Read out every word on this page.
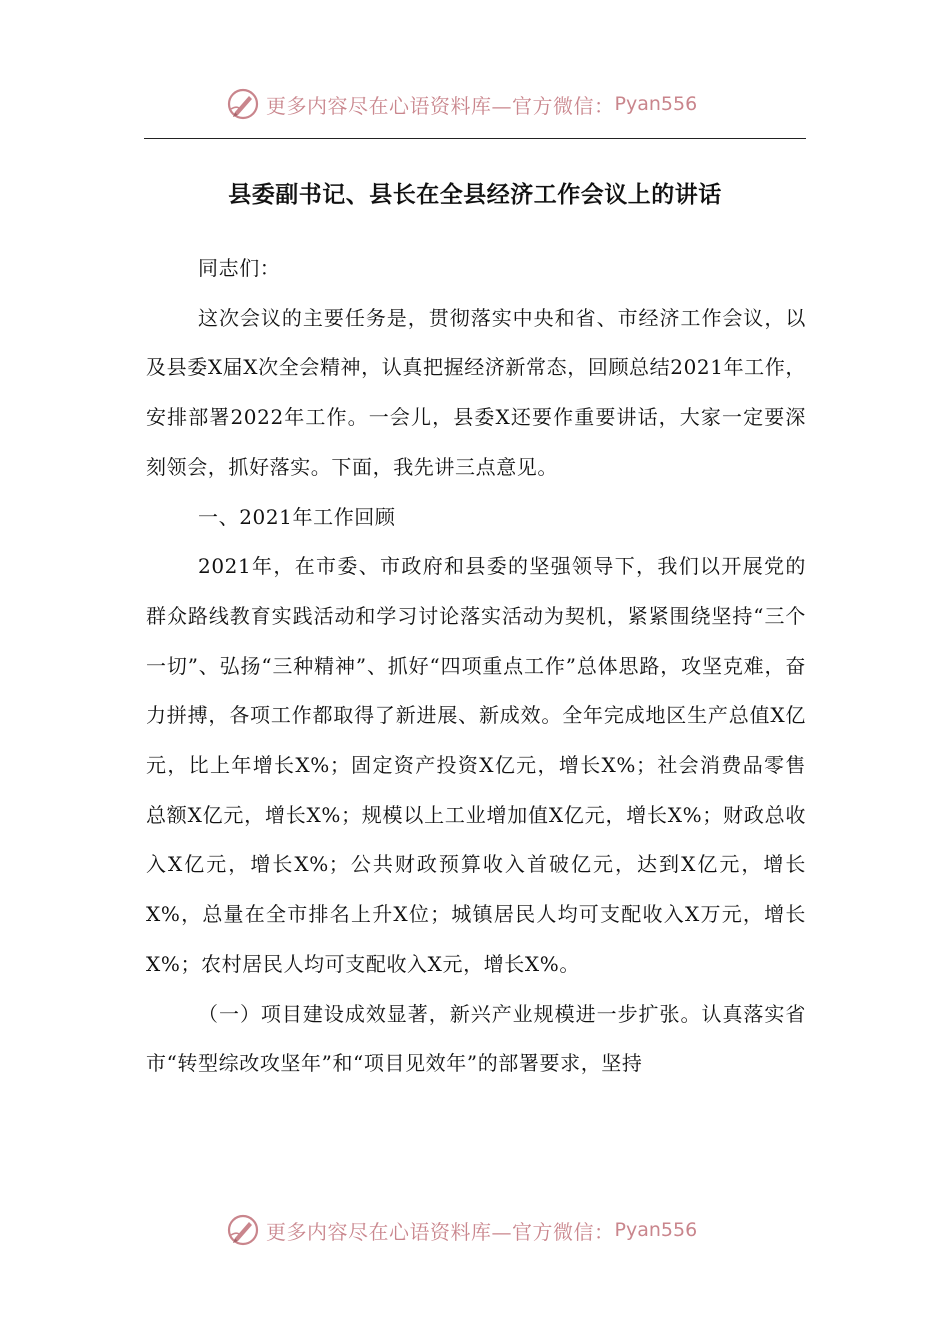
更多内容尽在心语资料库—官方微信： Pyan556
县委副书记、县长在全县经济工作会议上的讲话

同志们：

这次会议的主要任务是，贯彻落实中央和省、市经济工作会议，以及县委X届X次全会精神，认真把握经济新常态，回顾总结2021年工作，安排部署2022年工作。一会儿，县委X还要作重要讲话，大家一定要深刻领会，抓好落实。下面，我先讲三点意见。

一、2021年工作回顾

2021年，在市委、市政府和县委的坚强领导下，我们以开展党的群众路线教育实践活动和学习讨论落实活动为契机，紧紧围绕坚持“三个一切”、弘扬“三种精神”、抓好“四项重点工作”总体思路，攻坚克难，奋力拼搏，各项工作都取得了新进展、新成效。全年完成地区生产总值X亿元，比上年增长X%；固定资产投资X亿元，增长X%；社会消费品零售总额X亿元，增长X%；规模以上工业增加值X亿元，增长X%；财政总收入X亿元，增长X%；公共财政预算收入首破亿元，达到X亿元，增长X%，总量在全市排名上升X位；城镇居民人均可支配收入X万元，增长X%；农村居民人均可支配收入X元，增长X%。

（一）项目建设成效显著，新兴产业规模进一步扩张。认真落实省市“转型综改攻坚年”和“项目见效年”的部署要求，坚持

更多内容尽在心语资料库—官方微信： Pyan556
